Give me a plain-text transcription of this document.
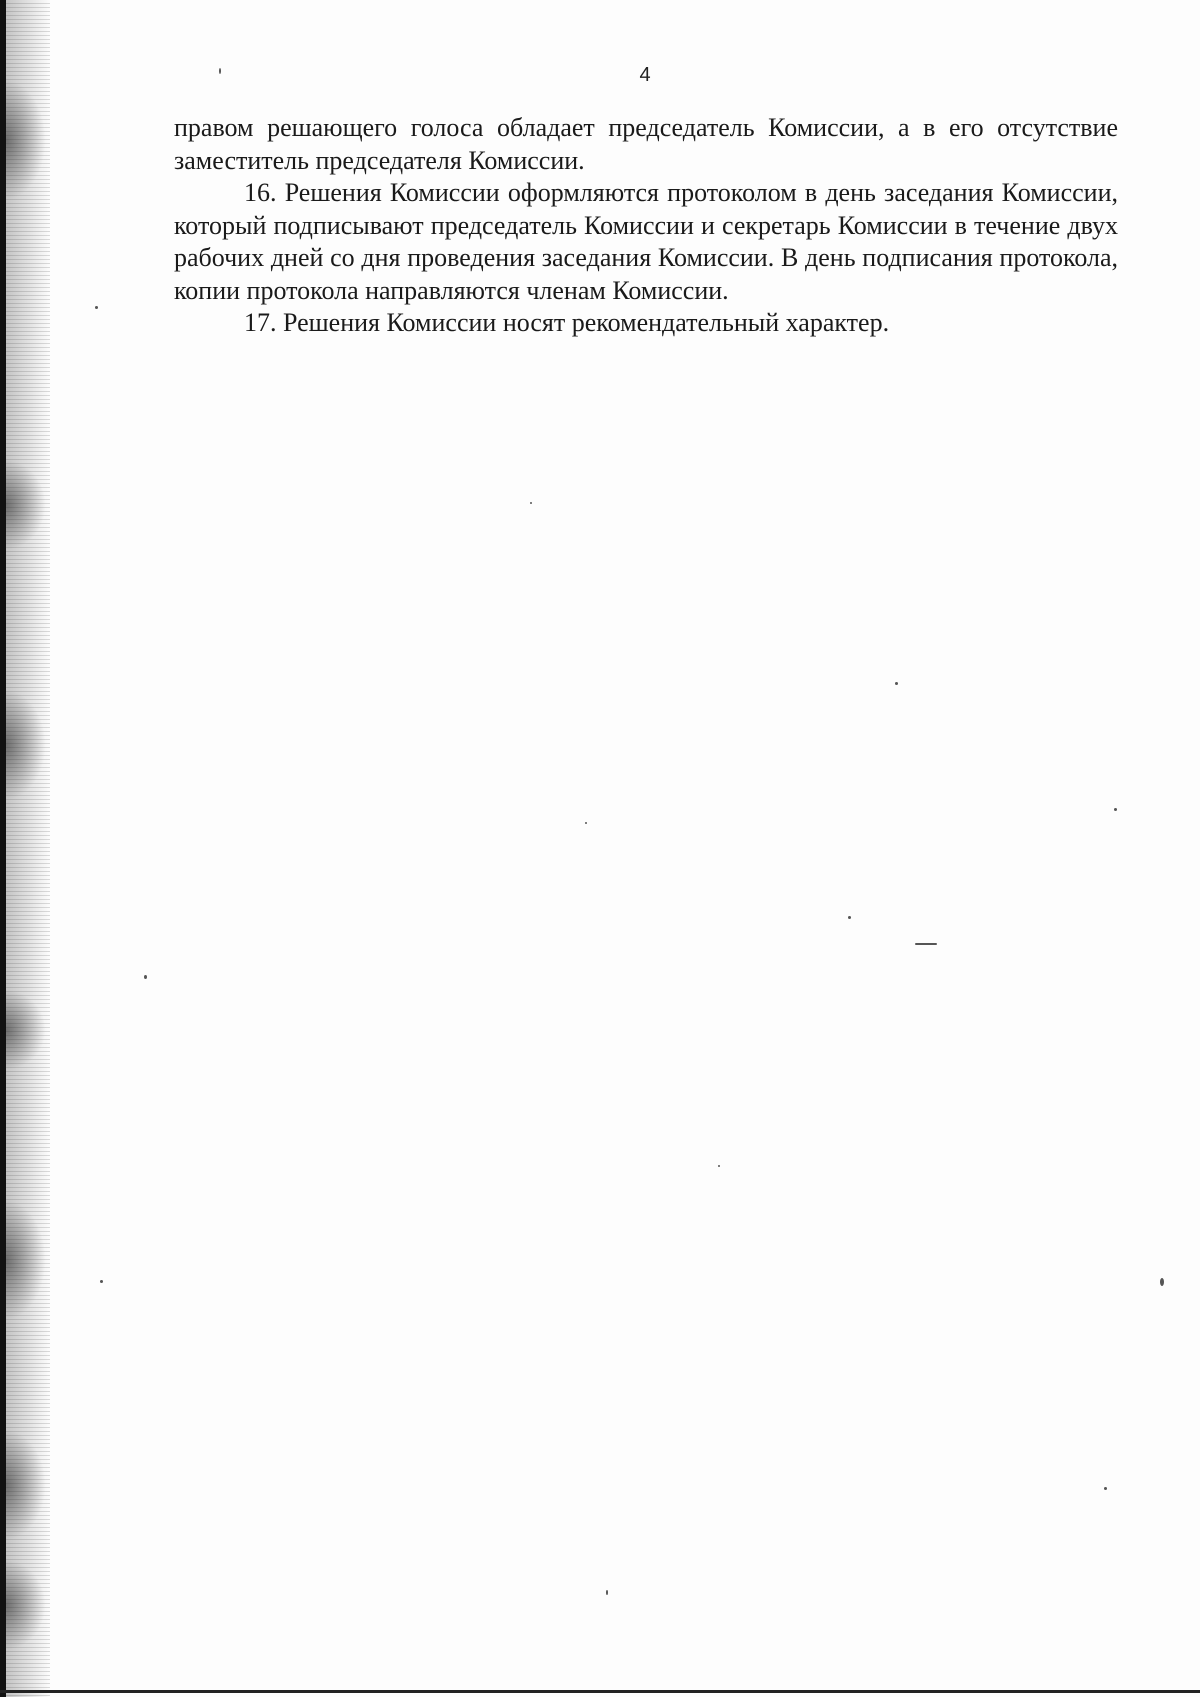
4

правом решающего голоса обладает председатель Комиссии, а в его отсутствие заместитель председателя Комиссии.

16. Решения Комиссии оформляются протоколом в день заседания Комиссии, который подписывают председатель Комиссии и секретарь Комиссии в течение двух рабочих дней со дня проведения заседания Комиссии. В день подписания протокола, копии протокола направляются членам Комиссии.

17. Решения Комиссии носят рекомендательный характер.
